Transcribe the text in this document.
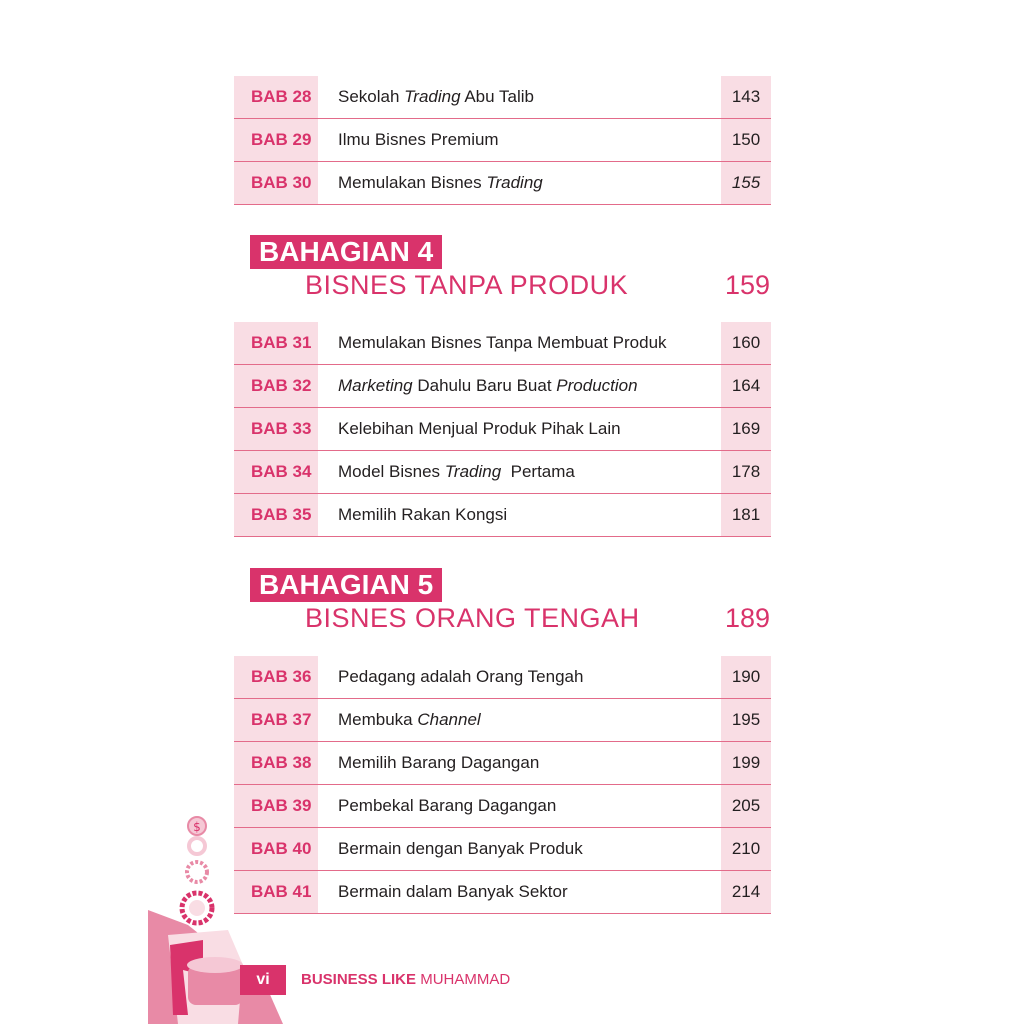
BAB 28	Sekolah Trading Abu Talib	143
BAB 29	Ilmu Bisnes Premium	150
BAB 30	Memulakan Bisnes Trading	155
BAHAGIAN 4
BISNES TANPA PRODUK	159
BAB 31	Memulakan Bisnes Tanpa Membuat Produk	160
BAB 32	Marketing Dahulu Baru Buat Production	164
BAB 33	Kelebihan Menjual Produk Pihak Lain	169
BAB 34	Model Bisnes Trading  Pertama	178
BAB 35	Memilih Rakan Kongsi	181
BAHAGIAN 5
BISNES ORANG TENGAH	189
BAB 36	Pedagang adalah Orang Tengah	190
BAB 37	Membuka Channel	195
BAB 38	Memilih Barang Dagangan	199
BAB 39	Pembekal Barang Dagangan	205
BAB 40	Bermain dengan Banyak Produk	210
BAB 41	Bermain dalam Banyak Sektor	214
$
vi	BUSINESS LIKE MUHAMMAD
